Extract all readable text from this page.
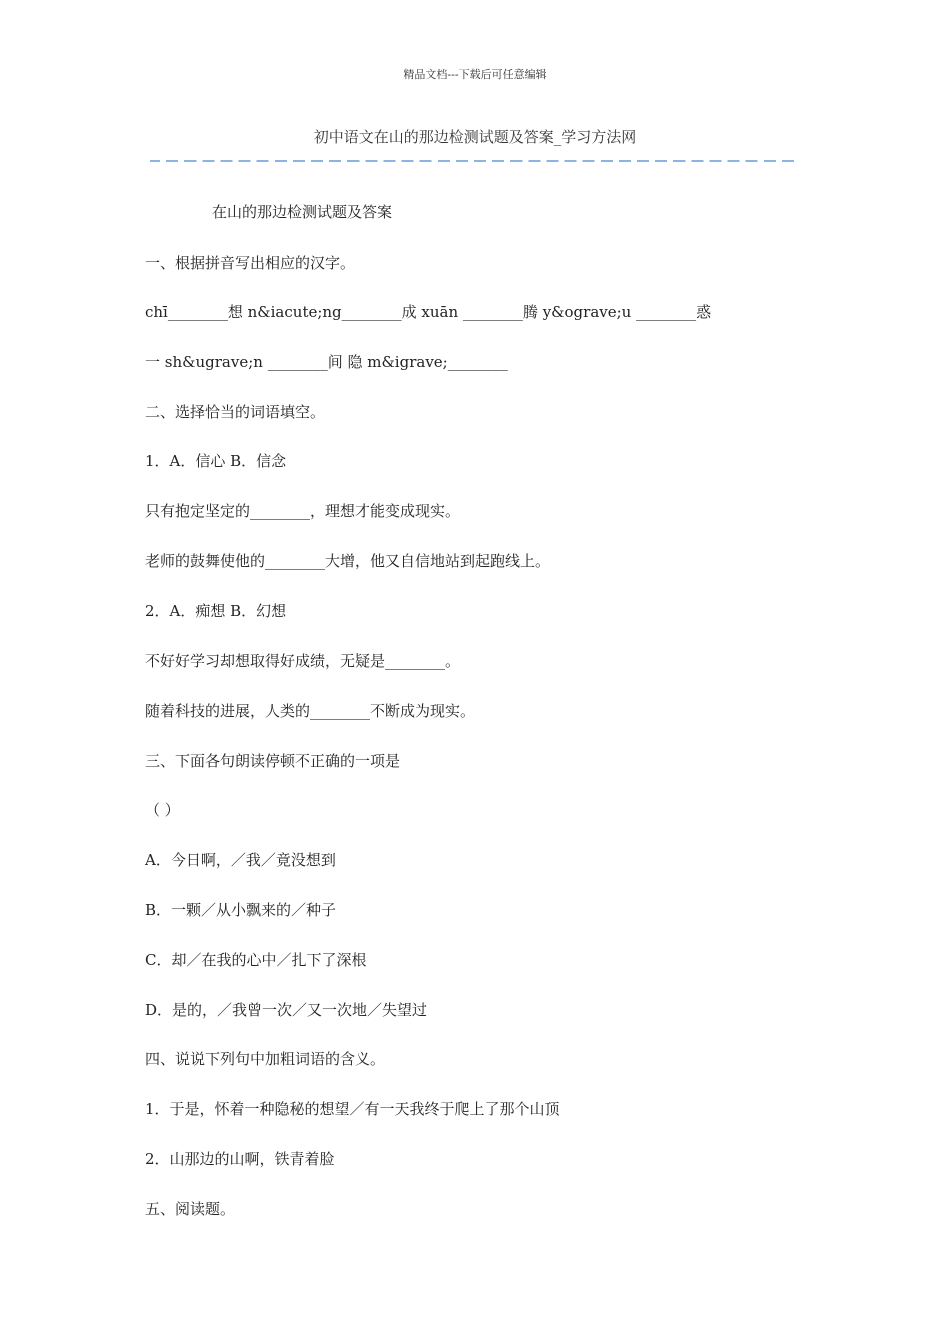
精品文档---下载后可任意编辑
初中语文在山的那边检测试题及答案_学习方法网
在山的那边检测试题及答案
一、根据拼音写出相应的汉字。
chī________想 n&iacute;ng________成 xuān ________腾 y&ograve;u ________惑
一 sh&ugrave;n ________间 隐 m&igrave;________
二、选择恰当的词语填空。
1．A．信心 B．信念
只有抱定坚定的________，理想才能变成现实。
老师的鼓舞使他的________大增，他又自信地站到起跑线上。
2．A．痴想 B．幻想
不好好学习却想取得好成绩，无疑是________。
随着科技的进展，人类的________不断成为现实。
三、下面各句朗读停顿不正确的一项是
（ ）
A．今日啊，／我／竟没想到
B．一颗／从小飘来的／种子
C．却／在我的心中／扎下了深根
D．是的，／我曾一次／又一次地／失望过
四、说说下列句中加粗词语的含义。
1．于是，怀着一种隐秘的想望／有一天我终于爬上了那个山顶
2．山那边的山啊，铁青着脸
五、阅读题。
